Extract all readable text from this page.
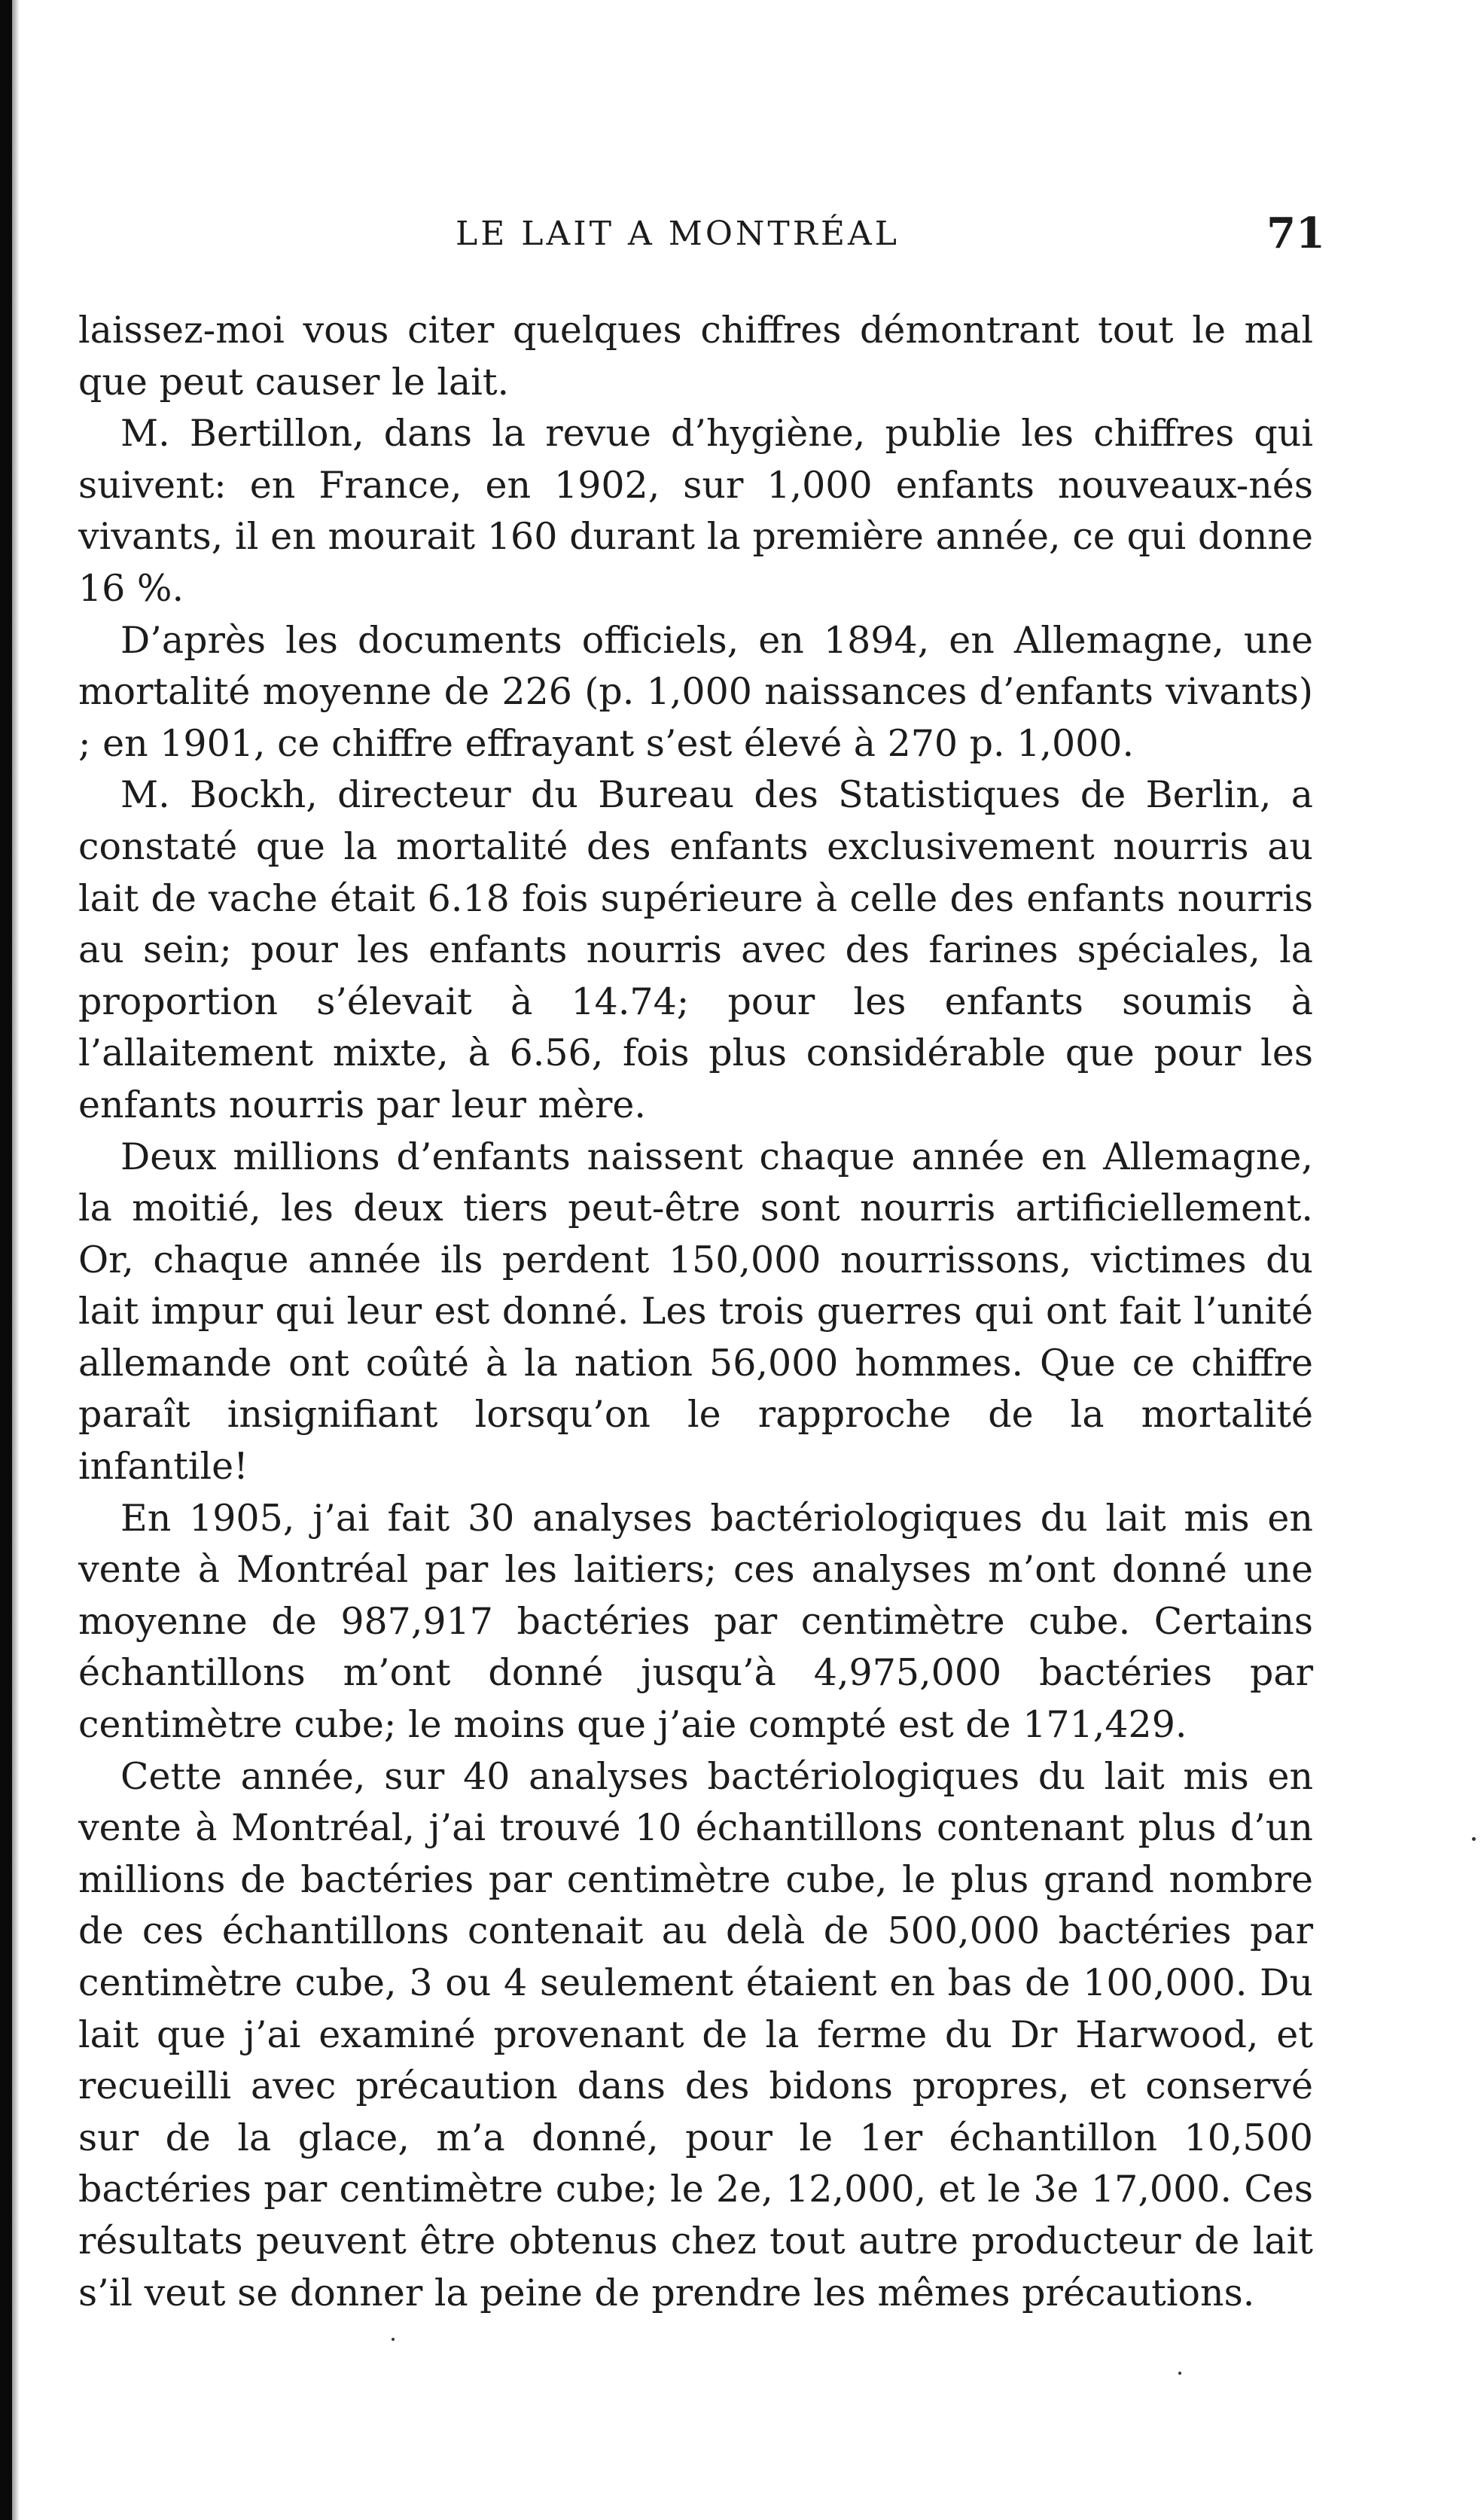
LE LAIT A MONTRÉAL	71

laissez-moi vous citer quelques chiffres démontrant tout le mal que peut causer le lait.

M. Bertillon, dans la revue d’hygiène, publie les chiffres qui suivent: en France, en 1902, sur 1,000 enfants nouveaux-nés vivants, il en mourait 160 durant la première année, ce qui donne 16 %.

D’après les documents officiels, en 1894, en Allemagne, une mortalité moyenne de 226 (p. 1,000 naissances d’enfants vivants) ; en 1901, ce chiffre effrayant s’est élevé à 270 p. 1,000.

M. Bockh, directeur du Bureau des Statistiques de Berlin, a constaté que la mortalité des enfants exclusivement nourris au lait de vache était 6.18 fois supérieure à celle des enfants nourris au sein; pour les enfants nourris avec des farines spéciales, la proportion s’élevait à 14.74; pour les enfants soumis à l’allaitement mixte, à 6.56, fois plus considérable que pour les enfants nourris par leur mère.

Deux millions d’enfants naissent chaque année en Allemagne, la moitié, les deux tiers peut-être sont nourris artificiellement. Or, chaque année ils perdent 150,000 nourrissons, victimes du lait impur qui leur est donné. Les trois guerres qui ont fait l’unité allemande ont coûté à la nation 56,000 hommes. Que ce chiffre paraît insignifiant lorsqu’on le rapproche de la mortalité infantile!

En 1905, j’ai fait 30 analyses bactériologiques du lait mis en vente à Montréal par les laitiers; ces analyses m’ont donné une moyenne de 987,917 bactéries par centimètre cube. Certains échantillons m’ont donné jusqu’à 4,975,000 bactéries par centimètre cube; le moins que j’aie compté est de 171,429.

Cette année, sur 40 analyses bactériologiques du lait mis en vente à Montréal, j’ai trouvé 10 échantillons contenant plus d’un millions de bactéries par centimètre cube, le plus grand nombre de ces échantillons contenait au delà de 500,000 bactéries par centimètre cube, 3 ou 4 seulement étaient en bas de 100,000. Du lait que j’ai examiné provenant de la ferme du Dr Harwood, et recueilli avec précaution dans des bidons propres, et conservé sur de la glace, m’a donné, pour le 1er échantillon 10,500 bactéries par centimètre cube; le 2e, 12,000, et le 3e 17,000. Ces résultats peuvent être obtenus chez tout autre producteur de lait s’il veut se donner la peine de prendre les mêmes précautions.
